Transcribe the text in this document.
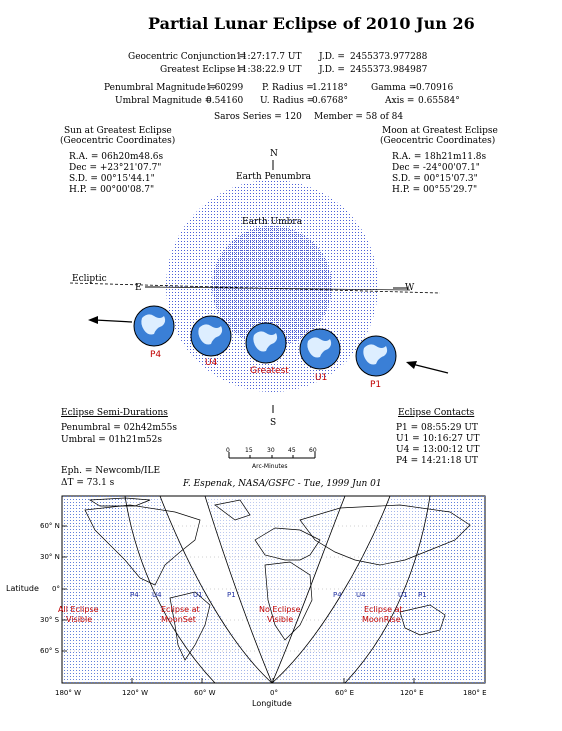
Partial Lunar Eclipse of 2010 Jun 26
Geocentric Conjunction =
11:27:17.7 UT J.D. = 2455373.977288
Greatest Eclipse =
11:38:22.9 UT J.D. = 2455373.984987
Penumbral Magnitude =
1.60299 P. Radius =
1.2118°	Gamma =
-0.70916
Umbral Magnitude =
0.54160 U. Radius =
0.6768°	Axis = 0.65584°
Saros Series = 120 Member = 58 of 84
Sun at Greatest Eclipse
(Geocentric Coordinates)
R.A. = 06h20m48.6s
Dec = +23°21'07.7"
S.D. = 00°15'44.1"
H.P. = 00°00'08.7"
Moon at Greatest Eclipse
(Geocentric Coordinates)
R.A. = 18h21m11.8s
Dec = -24°00'07.1"
S.D. = 00°15'07.3"
H.P. = 00°55'29.7"
N
Earth Penumbra
Earth Umbra
Ecliptic
E	W
P4
U4
Greatest
U1
P1
S
Eclipse Semi-Durations
Penumbral = 02h42m55s
Umbral = 01h21m52s
Eclipse Contacts
P1 = 08:55:29 UT
U1 = 10:16:27 UT
U4 = 13:00:12 UT
P4 = 14:21:18 UT
0	15 30 45 60
Arc-Minutes
Eph. = Newcomb/ILE
ΔT = 73.1 s	F. Espenak, NASA/GSFC - Tue, 1999 Jun 01
60° N
30° N
0°
30° S
60° S
Latitude
180° W	120° W	60° W	0°	60° E	120° E	180° E
Longitude
All Eclipse
Visible
Eclipse at
MoonSet
No Eclipse
Visible
Eclipse at
MoonRise
P4 U4	U1	P1	P4 U4	U1 P1
